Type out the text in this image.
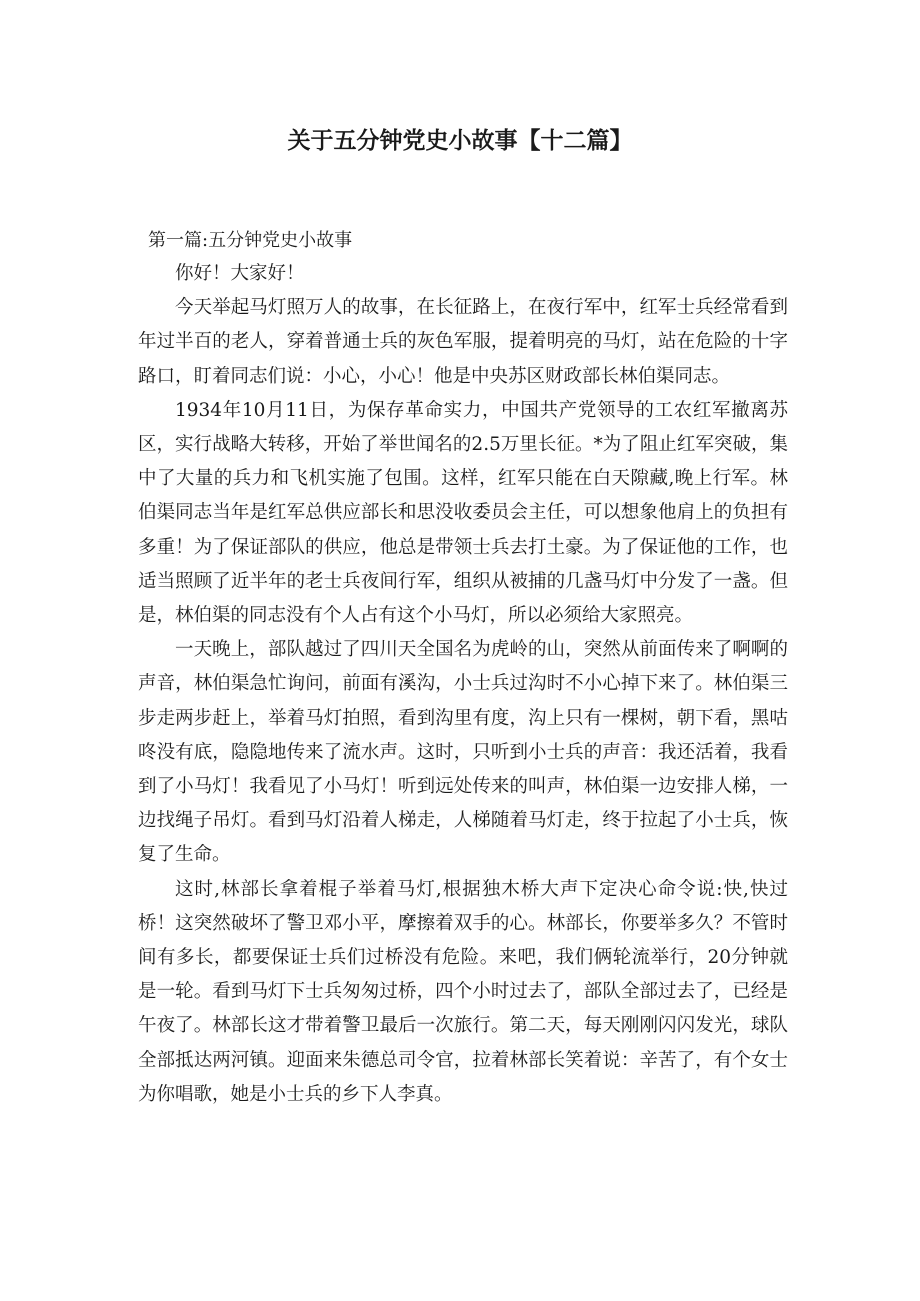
关于五分钟党史小故事【十二篇】
第一篇:五分钟党史小故事

你好！大家好！

今天举起马灯照万人的故事，在长征路上，在夜行军中，红军士兵经常看到年过半百的老人，穿着普通士兵的灰色军服，提着明亮的马灯，站在危险的十字路口，盯着同志们说：小心，小心！他是中央苏区财政部长林伯渠同志。

1934年10月11日，为保存革命实力，中国共产党领导的工农红军撤离苏区，实行战略大转移，开始了举世闻名的2.5万里长征。*为了阻止红军突破，集中了大量的兵力和飞机实施了包围。这样，红军只能在白天隙藏,晚上行军。林伯渠同志当年是红军总供应部长和思没收委员会主任，可以想象他肩上的负担有多重！为了保证部队的供应，他总是带领士兵去打土豪。为了保证他的工作，也适当照顾了近半年的老士兵夜间行军，组织从被捕的几盏马灯中分发了一盏。但是，林伯渠的同志没有个人占有这个小马灯，所以必须给大家照亮。

一天晚上，部队越过了四川天全国名为虎岭的山，突然从前面传来了啊啊的声音，林伯渠急忙询问，前面有溪沟，小士兵过沟时不小心掉下来了。林伯渠三步走两步赶上，举着马灯拍照，看到沟里有度，沟上只有一棵树，朝下看，黑咕咚没有底，隐隐地传来了流水声。这时，只听到小士兵的声音：我还活着，我看到了小马灯！我看见了小马灯！听到远处传来的叫声，林伯渠一边安排人梯，一边找绳子吊灯。看到马灯沿着人梯走，人梯随着马灯走，终于拉起了小士兵，恢复了生命。

这时,林部长拿着棍子举着马灯,根据独木桥大声下定决心命令说:快,快过桥！这突然破坏了警卫邓小平，摩擦着双手的心。林部长，你要举多久？不管时间有多长，都要保证士兵们过桥没有危险。来吧，我们俩轮流举行，20分钟就是一轮。看到马灯下士兵匆匆过桥，四个小时过去了，部队全部过去了，已经是午夜了。林部长这才带着警卫最后一次旅行。第二天，每天刚刚闪闪发光，球队全部抵达两河镇。迎面来朱德总司令官，拉着林部长笑着说：辛苦了，有个女士为你唱歌，她是小士兵的乡下人李真。
